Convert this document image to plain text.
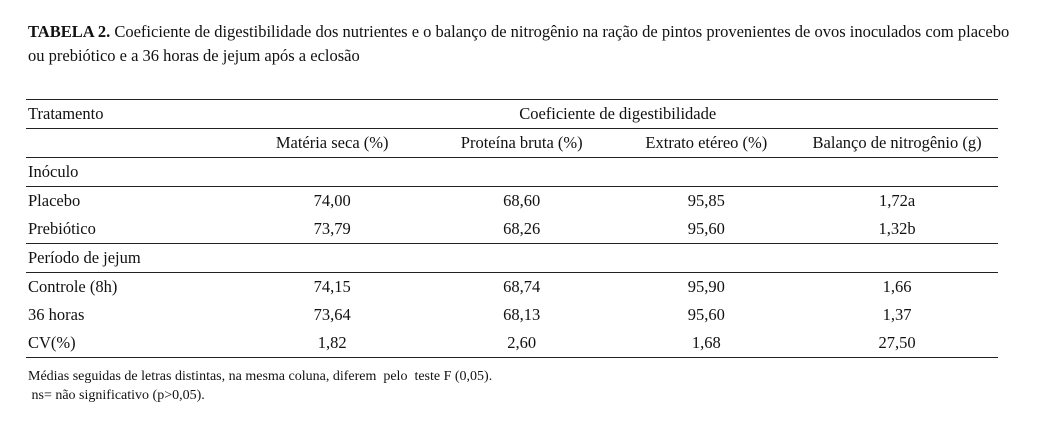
TABELA 2. Coeficiente de digestibilidade dos nutrientes e o balanço de nitrogênio na ração de pintos provenientes de ovos inoculados com placebo ou prebiótico e a 36 horas de jejum após a eclosão
Tratamento	Coeficiente de digestibilidade			
	Matéria seca (%)	Proteína bruta (%)	Extrato etéreo (%)	Balanço de nitrogênio (g)
Inóculo				
Placebo	74,00	68,60	95,85	1,72a
Prebiótico	73,79	68,26	95,60	1,32b
Período de jejum				
Controle (8h)	74,15	68,74	95,90	1,66
36 horas	73,64	68,13	95,60	1,37
CV(%)	1,82	2,60	1,68	27,50
Médias seguidas de letras distintas, na mesma coluna, diferem  pelo  teste F (0,05).
ns= não significativo (p>0,05).
